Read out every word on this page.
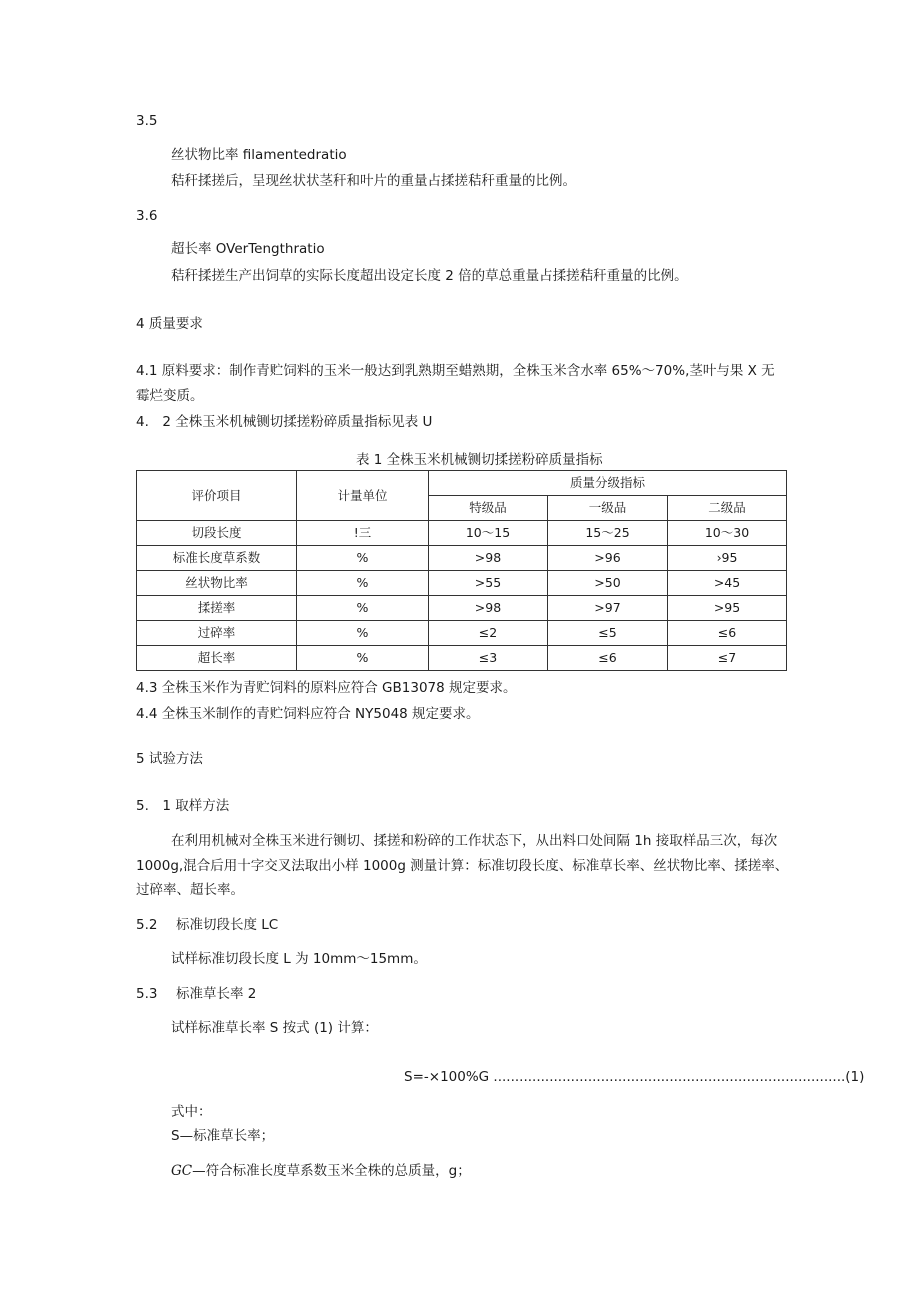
3.5
丝状物比率 filamentedratio
秸秆揉搓后，呈现丝状状茎秆和叶片的重量占揉搓秸秆重量的比例。
3.6
超长率 OVerTengthratio
秸秆揉搓生产出饲草的实际长度超出设定长度 2 倍的草总重量占揉搓秸秆重量的比例。
4 质量要求
4.1 原料要求：制作青贮饲料的玉米一般达到乳熟期至蜡熟期，全株玉米含水率 65%～70%,茎叶与果 X 无
霉烂变质。
4.　2 全株玉米机械铡切揉搓粉碎质量指标见表 U
表 1 全株玉米机械铡切揉搓粉碎质量指标
评价项目	计量单位	质量分级指标		
		特级品	一级品	二级品
切段长度	!三	10～15	15～25	10～30
标准长度草系数	%	>98	>96	›95
丝状物比率	%	>55	>50	>45
揉搓率	%	>98	>97	>95
过碎率	%	≤2	≤5	≤6
超长率	%	≤3	≤6	≤7
4.3 全株玉米作为青贮饲料的原料应符合 GB13078 规定要求。
4.4 全株玉米制作的青贮饲料应符合 NY5048 规定要求。
5 试验方法
5.　1 取样方法
在利用机械对全株玉米进行铡切、揉搓和粉碎的工作状态下，从出料口处间隔 1h 接取样品三次，每次
1000g,混合后用十字交叉法取出小样 1000g 测量计算：标准切段长度、标准草长率、丝状物比率、揉搓率、
过碎率、超长率。
5.2 标准切段长度 LC
试样标准切段长度 L 为 10mm～15mm。
5.3 标准草长率 2
试样标准草长率 S 按式 (1) 计算：
S=-×100%G ..................................................................................(1)
式中：
S—标准草长率；
GC—符合标准长度草系数玉米全株的总质量，g；
